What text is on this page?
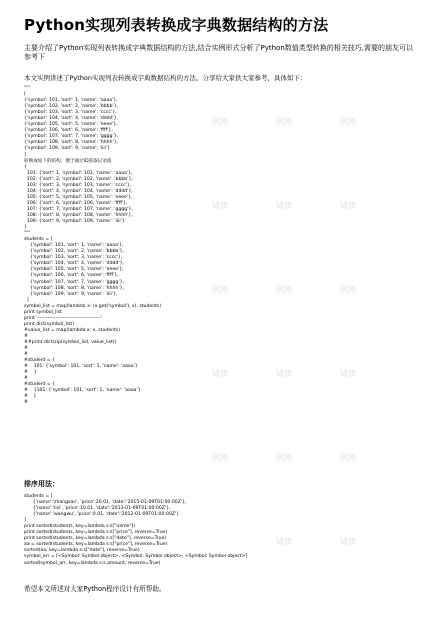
Python实现列表转换成字典数据结构的方法
主要介绍了Python实现列表转换成字典数据结构的方法,结合实例形式分析了Python数值类型转换的相关技巧,需要的朋友可以参考下
本文实例讲述了Python实现列表转换成字典数据结构的方法。分享给大家供大家参考，具体如下：
"""
[
{'symbol': 101, 'sort': 1, 'name': 'aaaa'},
{'symbol': 102, 'sort': 2, 'name': 'bbbb'},
{'symbol': 103, 'sort': 3, 'name': 'cccc'},
{'symbol': 104, 'sort': 4, 'name': 'dddd'},
{'symbol': 105, 'sort': 5, 'name': 'eeee'},
{'symbol': 106, 'sort': 6, 'name': 'ffff'},
{'symbol': 107, 'sort': 7, 'name': 'gggg'},
{'symbol': 108, 'sort': 8, 'name': 'hhhh'},
{'symbol': 109, 'sort': 9, 'name': 'iiii'}
]
转换成如下的结构，便于通过ID获取记录值
{
101: {'sort': 1, 'symbol': 101, 'name': 'aaaa'},
102: {'sort': 2, 'symbol': 102, 'name': 'bbbb'},
103: {'sort': 3, 'symbol': 103, 'name': 'cccc'},
104: {'sort': 4, 'symbol': 104, 'name': 'dddd'},
105: {'sort': 5, 'symbol': 105, 'name': 'eeee'},
106: {'sort': 6, 'symbol': 106, 'name': 'ffff'},
107: {'sort': 7, 'symbol': 107, 'name': 'gggg'},
108: {'sort': 8, 'symbol': 108, 'name': 'hhhh'},
109: {'sort': 9, 'symbol': 109, 'name': 'iiii'}
}
"""
students = [
{'symbol': 101, 'sort': 1, 'name': 'aaaa'},
{'symbol': 102, 'sort': 2, 'name': 'bbbb'},
{'symbol': 103, 'sort': 3, 'name': 'cccc'},
{'symbol': 104, 'sort': 4, 'name': 'dddd'},
{'symbol': 105, 'sort': 5, 'name': 'eeee'},
{'symbol': 106, 'sort': 6, 'name': 'ffff'},
{'symbol': 107, 'sort': 7, 'name': 'gggg'},
{'symbol': 108, 'sort': 8, 'name': 'hhhh'},
{'symbol': 109, 'sort': 9, 'name': 'iiii'},
]
symbol_list = map(lambda x: (x.get('symbol'), x), students)
print symbol_list
print '--------------------------------------'
print dict(symbol_list)
#value_list = map(lambda x: x, students)
#
##print dict(zip(symbol_list, value_list))
#
#
#student = {
#    101: {'symbol': 101, 'sort': 1, 'name': 'aaaa'}
#    }
#
#student = {
#    {101: {'symbol': 101, 'sort': 1, 'name': 'aaaa'}
#    ]
#
排序用法：
students = [
{'name':'zhangsan', 'price':20.01, 'date':'2015-01-09T01:00:00Z'},
{'name':'lisi', 'price':10.01, 'date':'2013-01-09T01:00:00Z'},
{'name':'wangwu', 'price':0.01, 'date':'2012-01-09T01:00:00Z'}
]
print sorted(students, key=lambda s:s["name"])
print sorted(students, key=lambda s:s["price"], reverse=True)
print sorted(students, key=lambda s:s["date"], reverse=True)
aa = sorted(students, key=lambda s:s["price"], reverse=True)
sorted(aa, key=lambda s:s["date"], reverse=True)
symbol_arr = [<Symbol: Symbol object>, <Symbol: Symbol object>, <Symbol: Symbol object>]
sorted(symbol_arr, key=lambda s:s.amount, reverse=True)
希望本文所述对大家Python程序设计有所帮助。
试读	试读	试读
试读	试读	试读
试读	试读	试读
试读	试读	试读
试读	试读	试读
试读	试读
